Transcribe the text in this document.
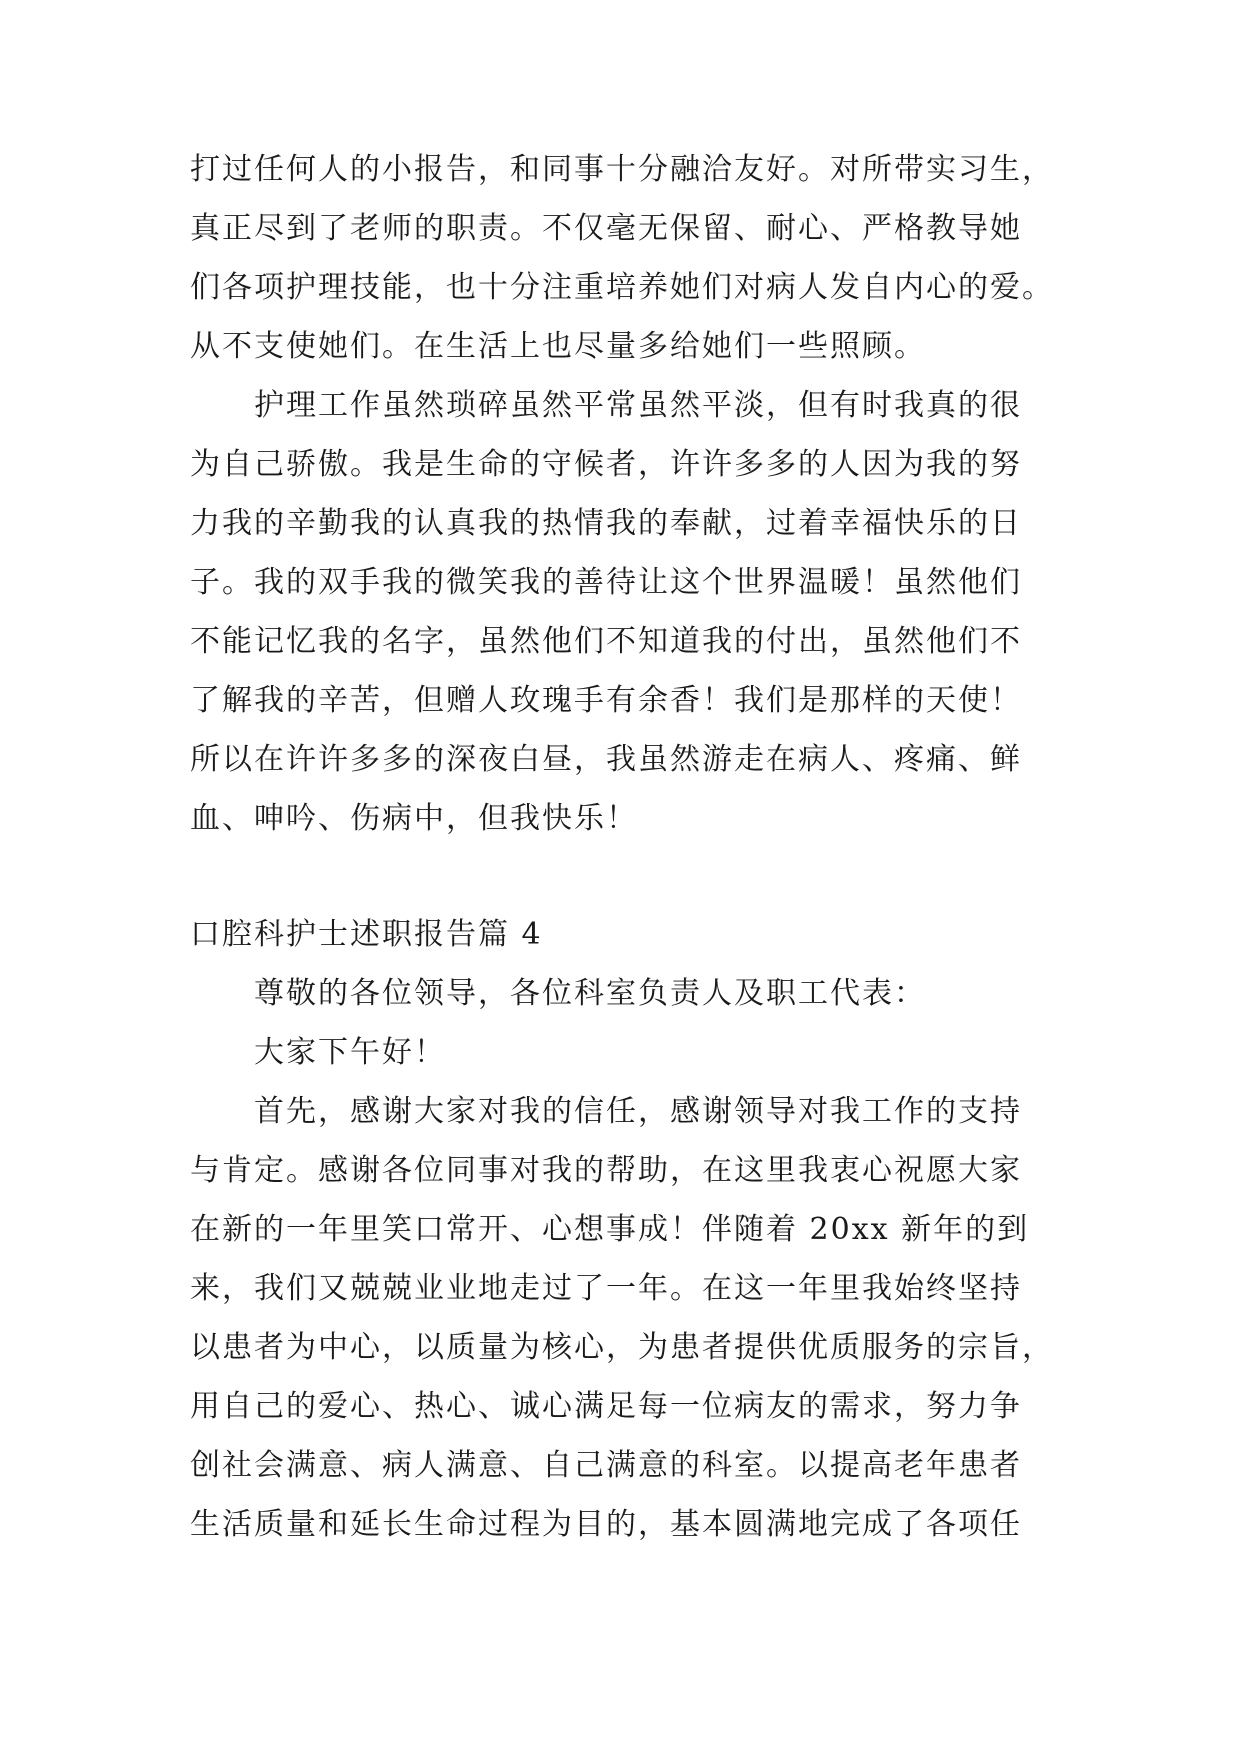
打过任何人的小报告，和同事十分融洽友好。对所带实习生，
真正尽到了老师的职责。不仅毫无保留、耐心、严格教导她
们各项护理技能，也十分注重培养她们对病人发自内心的爱。
从不支使她们。在生活上也尽量多给她们一些照顾。
护理工作虽然琐碎虽然平常虽然平淡，但有时我真的很
为自己骄傲。我是生命的守候者，许许多多的人因为我的努
力我的辛勤我的认真我的热情我的奉献，过着幸福快乐的日
子。我的双手我的微笑我的善待让这个世界温暖！虽然他们
不能记忆我的名字，虽然他们不知道我的付出，虽然他们不
了解我的辛苦，但赠人玫瑰手有余香！我们是那样的天使！
所以在许许多多的深夜白昼，我虽然游走在病人、疼痛、鲜
血、呻吟、伤病中，但我快乐！
口腔科护士述职报告篇 4
尊敬的各位领导，各位科室负责人及职工代表：
大家下午好！
首先，感谢大家对我的信任，感谢领导对我工作的支持
与肯定。感谢各位同事对我的帮助，在这里我衷心祝愿大家
在新的一年里笑口常开、心想事成！伴随着 20xx 新年的到
来，我们又兢兢业业地走过了一年。在这一年里我始终坚持
以患者为中心，以质量为核心，为患者提供优质服务的宗旨，
用自己的爱心、热心、诚心满足每一位病友的需求，努力争
创社会满意、病人满意、自己满意的科室。以提高老年患者
生活质量和延长生命过程为目的，基本圆满地完成了各项任
